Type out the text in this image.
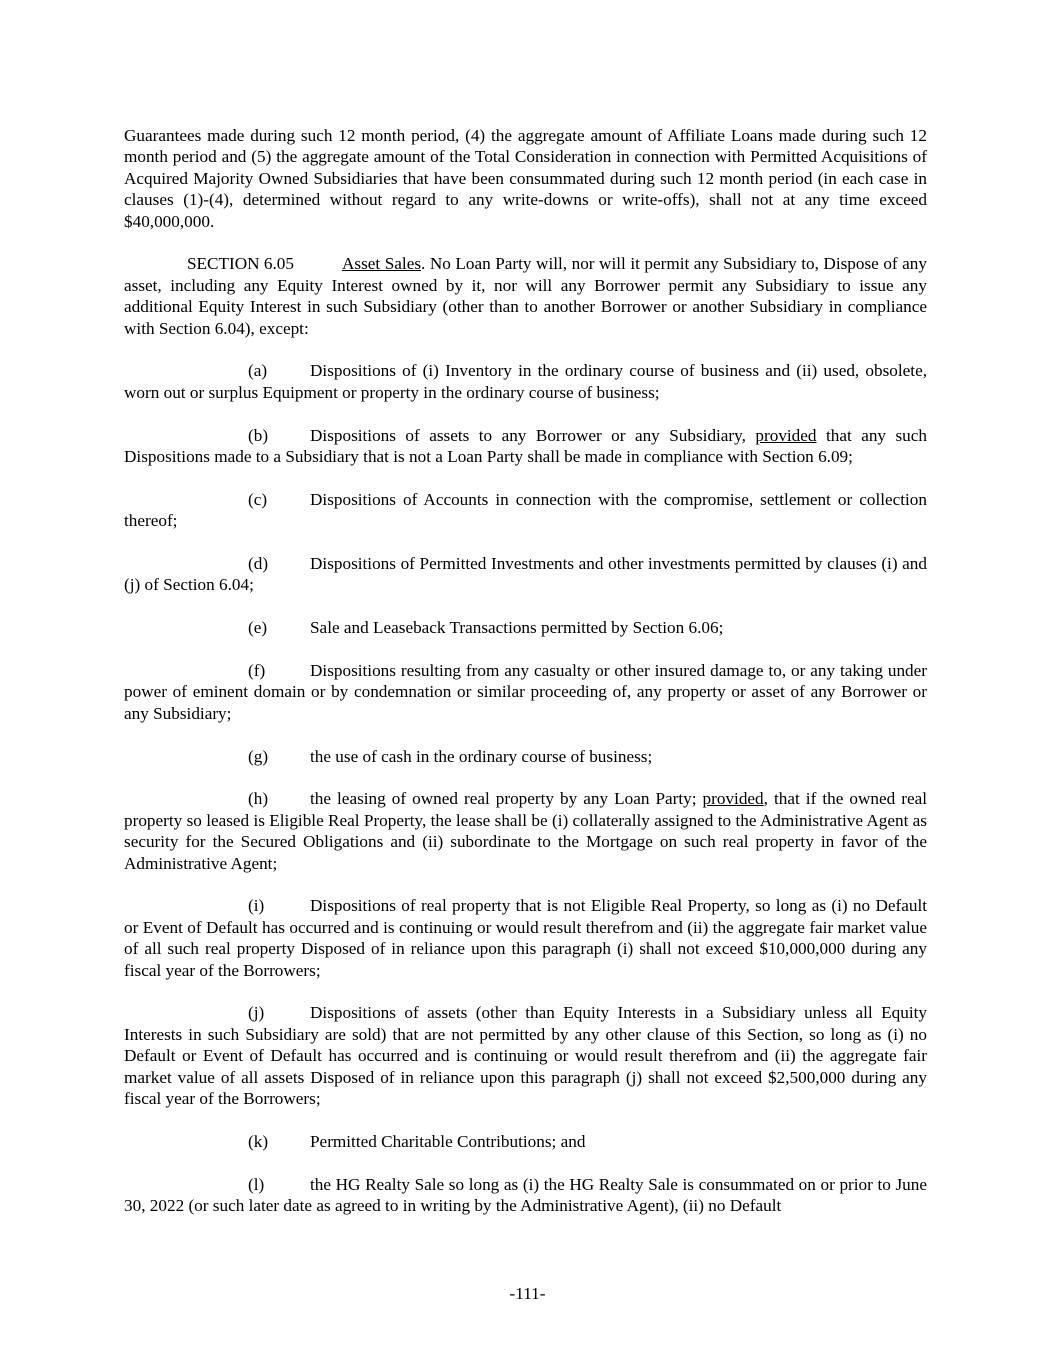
Guarantees made during such 12 month period, (4) the aggregate amount of Affiliate Loans made during such 12 month period and (5) the aggregate amount of the Total Consideration in connection with Permitted Acquisitions of Acquired Majority Owned Subsidiaries that have been consummated during such 12 month period (in each case in clauses (1)-(4), determined without regard to any write-downs or write-offs), shall not at any time exceed $40,000,000.

SECTION 6.05	Asset Sales. No Loan Party will, nor will it permit any Subsidiary to, Dispose of any asset, including any Equity Interest owned by it, nor will any Borrower permit any Subsidiary to issue any additional Equity Interest in such Subsidiary (other than to another Borrower or another Subsidiary in compliance with Section 6.04), except:

(a) Dispositions of (i) Inventory in the ordinary course of business and (ii) used, obsolete, worn out or surplus Equipment or property in the ordinary course of business;

(b) Dispositions of assets to any Borrower or any Subsidiary, provided that any such Dispositions made to a Subsidiary that is not a Loan Party shall be made in compliance with Section 6.09;

(c) Dispositions of Accounts in connection with the compromise, settlement or collection thereof;

(d) Dispositions of Permitted Investments and other investments permitted by clauses (i) and (j) of Section 6.04;

(e) Sale and Leaseback Transactions permitted by Section 6.06;

(f)	Dispositions resulting from any casualty or other insured damage to, or any taking under power of eminent domain or by condemnation or similar proceeding of, any property or asset of any Borrower or any Subsidiary;

(g) the use of cash in the ordinary course of business;

(h) the leasing of owned real property by any Loan Party; provided, that if the owned real property so leased is Eligible Real Property, the lease shall be (i) collaterally assigned to the Administrative Agent as security for the Secured Obligations and (ii) subordinate to the Mortgage on such real property in favor of the Administrative Agent;

(i)	Dispositions of real property that is not Eligible Real Property, so long as (i) no Default or Event of Default has occurred and is continuing or would result therefrom and (ii) the aggregate fair market value of all such real property Disposed of in reliance upon this paragraph (i) shall not exceed $10,000,000 during any fiscal year of the Borrowers;

(j)	Dispositions of assets (other than Equity Interests in a Subsidiary unless all Equity Interests in such Subsidiary are sold) that are not permitted by any other clause of this Section, so long as (i) no Default or Event of Default has occurred and is continuing or would result therefrom and (ii) the aggregate fair market value of all assets Disposed of in reliance upon this paragraph (j) shall not exceed $2,500,000 during any fiscal year of the Borrowers;

(k) Permitted Charitable Contributions; and

(l)	the HG Realty Sale so long as (i) the HG Realty Sale is consummated on or prior to June 30, 2022 (or such later date as agreed to in writing by the Administrative Agent), (ii) no Default

-111-
